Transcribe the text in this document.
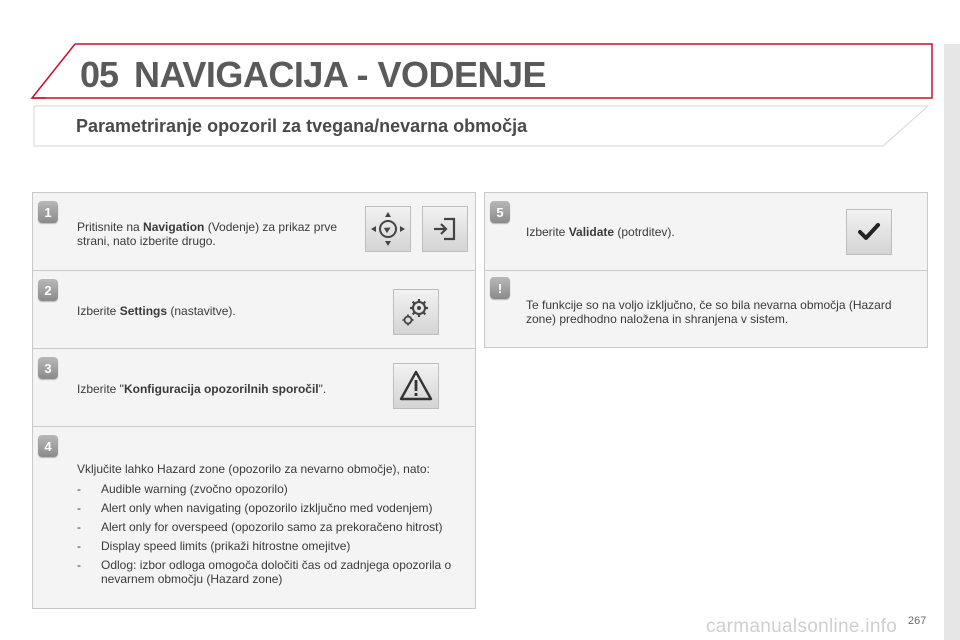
05 NAVIGACIJA - VODENJE
Parametriranje opozoril za tvegana/nevarna območja
1
Pritisnite na Navigation (Vodenje) za prikaz prve strani, nato izberite drugo.
2
Izberite Settings (nastavitve).
3
Izberite "Konfiguracija opozorilnih sporočil".
4
Vključite lahko Hazard zone (opozorilo za nevarno območje), nato:
- Audible warning (zvočno opozorilo)
- Alert only when navigating (opozorilo izključno med vodenjem)
- Alert only for overspeed (opozorilo samo za prekoračeno hitrost)
- Display speed limits (prikaži hitrostne omejitve)
- Odlog: izbor odloga omogoča določiti čas od zadnjega opozorila o nevarnem območju (Hazard zone)
5
Izberite Validate (potrditev).
!
Te funkcije so na voljo izključno, če so bila nevarna območja (Hazard zone) predhodno naložena in shranjena v sistem.
carmanualsonline.info 267
